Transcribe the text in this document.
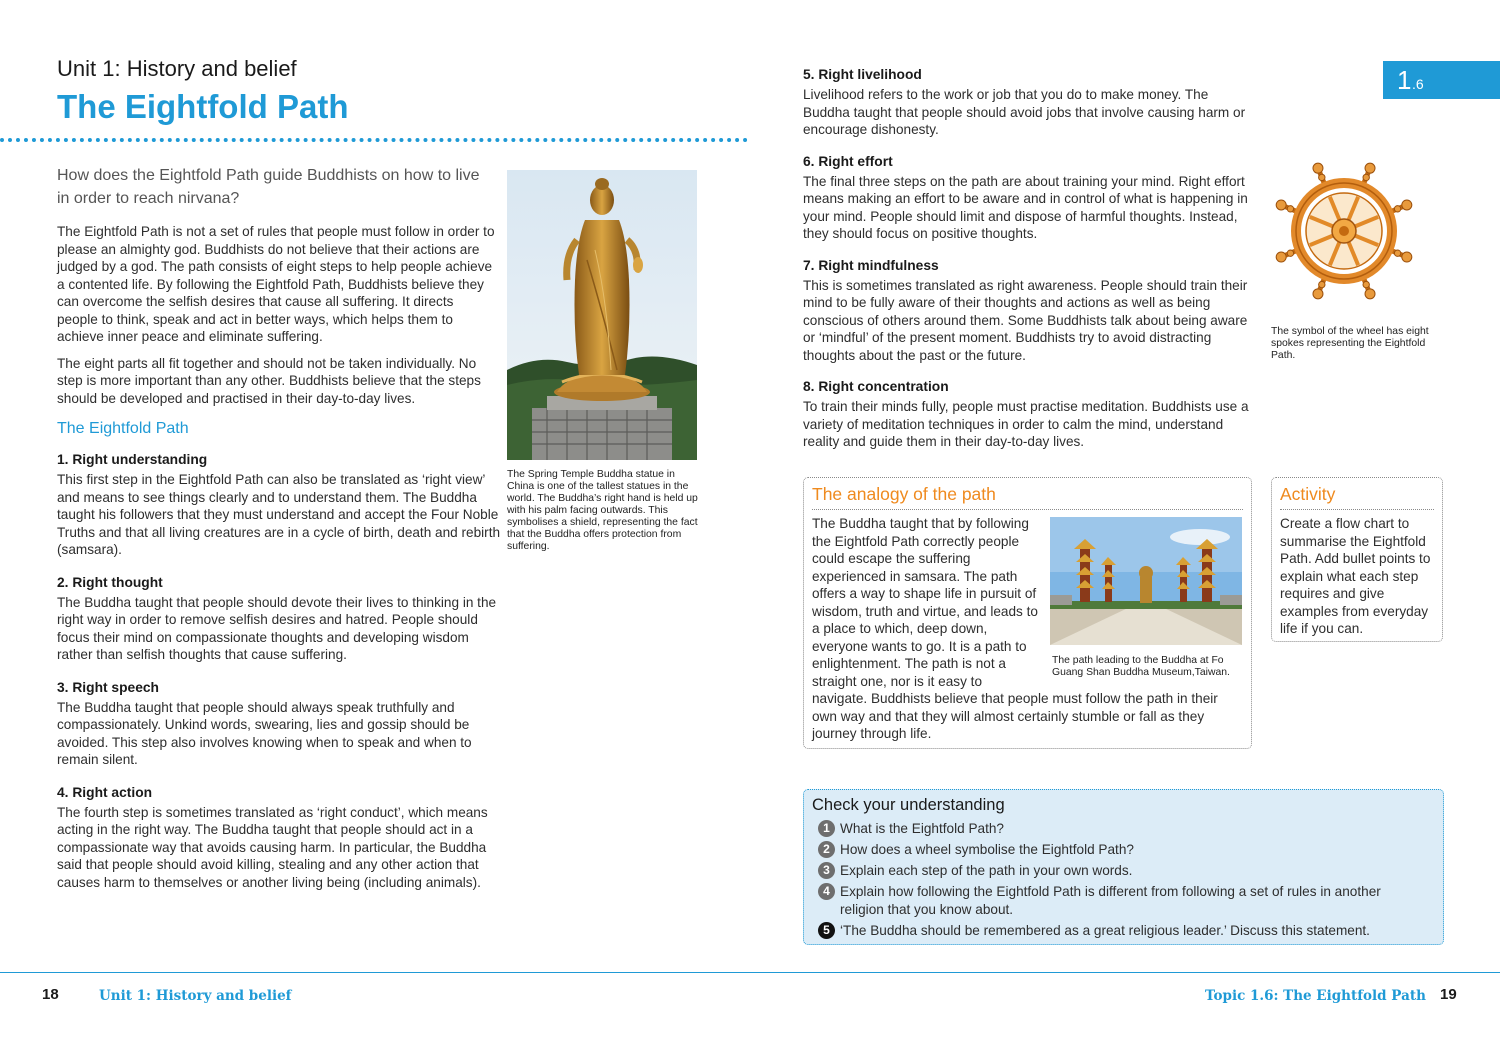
Unit 1: History and belief
The Eightfold Path
How does the Eightfold Path guide Buddhists on how to live in order to reach nirvana?
1 .6

The Eightfold Path is not a set of rules that people must follow in order to please an almighty god. Buddhists do not believe that their actions are judged by a god. The path consists of eight steps to help people achieve a contented life. By following the Eightfold Path, Buddhists believe they can overcome the selfish desires that cause all suffering. It directs people to think, speak and act in better ways, which helps them to achieve inner peace and eliminate suffering.

The eight parts all fit together and should not be taken individually. No step is more important than any other. Buddhists believe that the steps should be developed and practised in their day-to-day lives.

The Eightfold Path
1. Right understanding

This first step in the Eightfold Path can also be translated as ‘right view’ and means to see things clearly and to understand them. The Buddha taught his followers that they must understand and accept the Four Noble Truths and that all living creatures are in a cycle of birth, death and rebirth (samsara).

2. Right thought

The Buddha taught that people should devote their lives to thinking in the right way in order to remove selfish desires and hatred. People should focus their mind on compassionate thoughts and developing wisdom rather than selfish thoughts that cause suffering.

3. Right speech

The Buddha taught that people should always speak truthfully and compassionately. Unkind words, swearing, lies and gossip should be avoided. This step also involves knowing when to speak and when to remain silent.

4. Right action

The fourth step is sometimes translated as ‘right conduct’, which means acting in the right way. The Buddha taught that people should act in a compassionate way that avoids causing harm. In particular, the Buddha said that people should avoid killing, stealing and any other action that causes harm to themselves or another living being (including animals).

The Spring Temple Buddha statue in China is one of the tallest statues in the world. The Buddha’s right hand is held up with his palm facing outwards. This symbolises a shield, representing the fact that the Buddha offers protection from suffering.
5. Right livelihood

Livelihood refers to the work or job that you do to make money. The Buddha taught that people should avoid jobs that involve causing harm or encourage dishonesty.

6. Right effort

The final three steps on the path are about training your mind. Right effort means making an effort to be aware and in control of what is happening in your mind. People should limit and dispose of harmful thoughts. Instead, they should focus on positive thoughts.

7. Right mindfulness

This is sometimes translated as right awareness. People should train their mind to be fully aware of their thoughts and actions as well as being conscious of others around them. Some Buddhists talk about being aware or ‘mindful’ of the present moment. Buddhists try to avoid distracting thoughts about the past or the future.

8. Right concentration

To train their minds fully, people must practise meditation. Buddhists use a variety of meditation techniques in order to calm the mind, understand reality and guide them in their day-to-day lives.

The symbol of the wheel has eight spokes representing the Eightfold Path.
The analogy of the path
The path leading to the Buddha at Fo Guang Shan Buddha Museum,Taiwan.
The Buddha taught that by following the Eightfold Path correctly people could escape the suffering experienced in samsara. The path offers a way to shape life in pursuit of wisdom, truth and virtue, and leads to a place to which, deep down, everyone wants to go. It is a path to enlightenment. The path is not a straight one, nor is it easy to navigate. Buddhists believe that people must follow the path in their own way and that they will almost certainly stumble or fall as they journey through life.
Activity
Create a flow chart to summarise the Eightfold Path. Add bullet points to explain what each step requires and give examples from everyday life if you can.
Check your understanding
1 What is the Eightfold Path?
2 How does a wheel symbolise the Eightfold Path?
3 Explain each step of the path in your own words.
4 Explain how following the Eightfold Path is different from following a set of rules in another religion that you know about.
5 ‘The Buddha should be remembered as a great religious leader.’ Discuss this statement.
18	Unit 1: History and belief	Topic 1.6: The Eightfold Path 19
